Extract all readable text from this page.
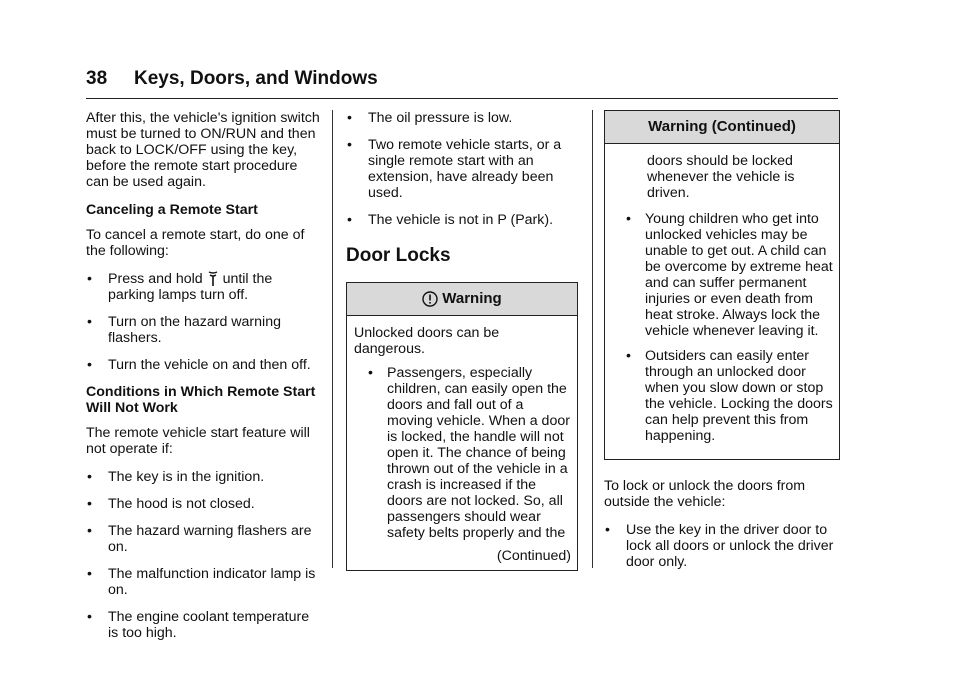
38 Keys, Doors, and Windows

After this, the vehicle's ignition switch must be turned to ON/RUN and then back to LOCK/OFF using the key, before the remote start procedure can be used again.

Canceling a Remote Start

To cancel a remote start, do one of the following:

• Press and hold until the parking lamps turn off.
• Turn on the hazard warning flashers.
• Turn the vehicle on and then off.

Conditions in Which Remote Start Will Not Work

The remote vehicle start feature will not operate if:

• The key is in the ignition.
• The hood is not closed.
• The hazard warning flashers are on.
• The malfunction indicator lamp is on.
• The engine coolant temperature is too high.
• The oil pressure is low.
• Two remote vehicle starts, or a single remote start with an extension, have already been used.
• The vehicle is not in P (Park).
Door Locks
Warning

Unlocked doors can be dangerous.

• Passengers, especially children, can easily open the doors and fall out of a moving vehicle. When a door is locked, the handle will not open it. The chance of being thrown out of the vehicle in a crash is increased if the doors are not locked. So, all passengers should wear safety belts properly and the
(Continued)
Warning (Continued)

doors should be locked whenever the vehicle is driven.

• Young children who get into unlocked vehicles may be unable to get out. A child can be overcome by extreme heat and can suffer permanent injuries or even death from heat stroke. Always lock the vehicle whenever leaving it.
• Outsiders can easily enter through an unlocked door when you slow down or stop the vehicle. Locking the doors can help prevent this from happening.

To lock or unlock the doors from outside the vehicle:

• Use the key in the driver door to lock all doors or unlock the driver door only.
